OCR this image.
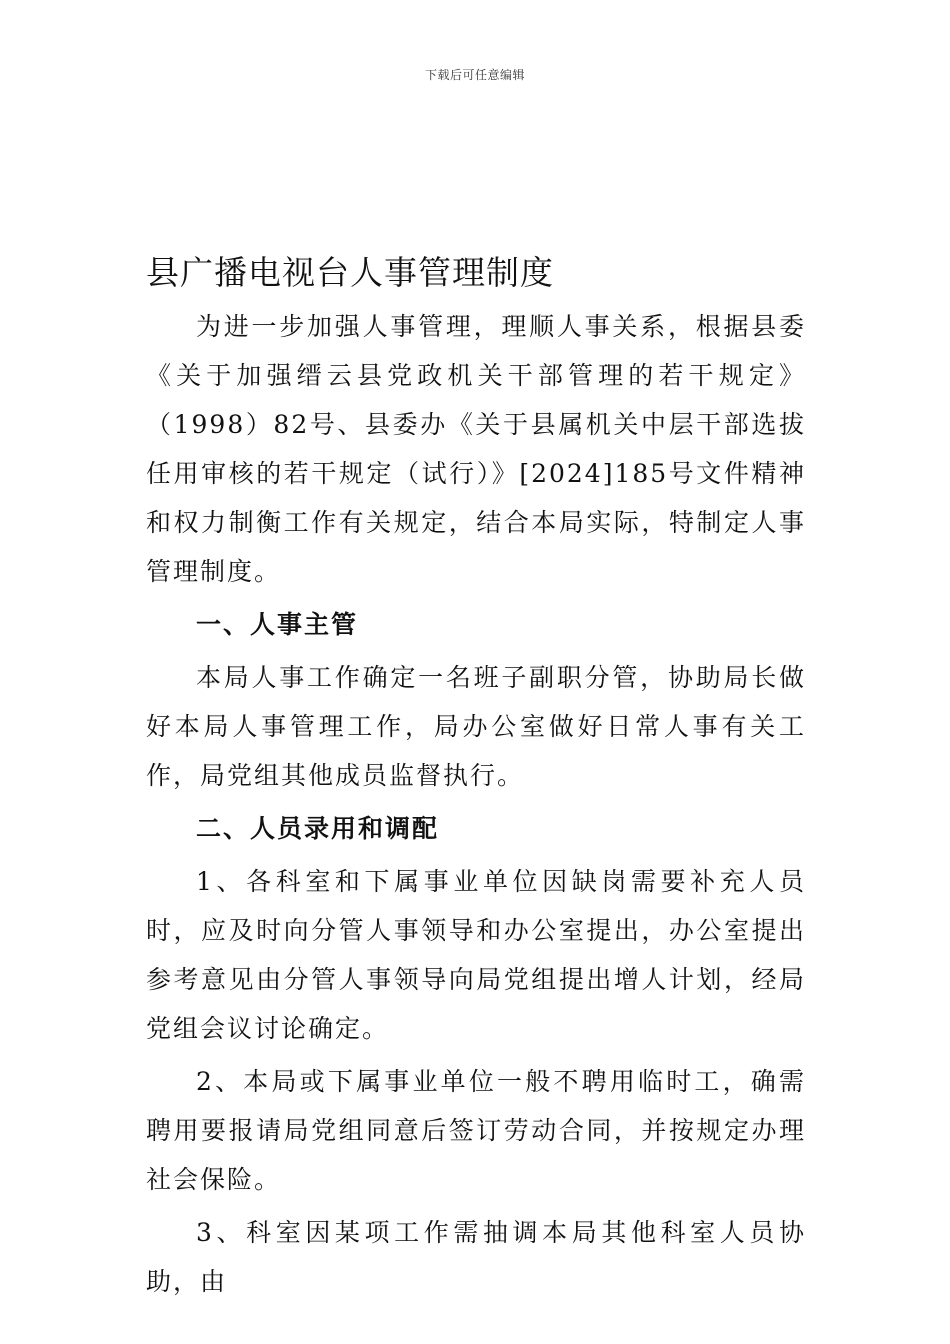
下载后可任意编辑
县广播电视台人事管理制度

为进一步加强人事管理，理顺人事关系，根据县委《关于加强缙云县党政机关干部管理的若干规定》（1998）82号、县委办《关于县属机关中层干部选拔任用审核的若干规定（试行）》[2024]185号文件精神和权力制衡工作有关规定，结合本局实际，特制定人事管理制度。

一、人事主管

本局人事工作确定一名班子副职分管，协助局长做好本局人事管理工作，局办公室做好日常人事有关工作，局党组其他成员监督执行。

二、人员录用和调配

1、各科室和下属事业单位因缺岗需要补充人员时，应及时向分管人事领导和办公室提出，办公室提出参考意见由分管人事领导向局党组提出增人计划，经局党组会议讨论确定。

2、本局或下属事业单位一般不聘用临时工，确需聘用要报请局党组同意后签订劳动合同，并按规定办理社会保险。

3、科室因某项工作需抽调本局其他科室人员协助，由
